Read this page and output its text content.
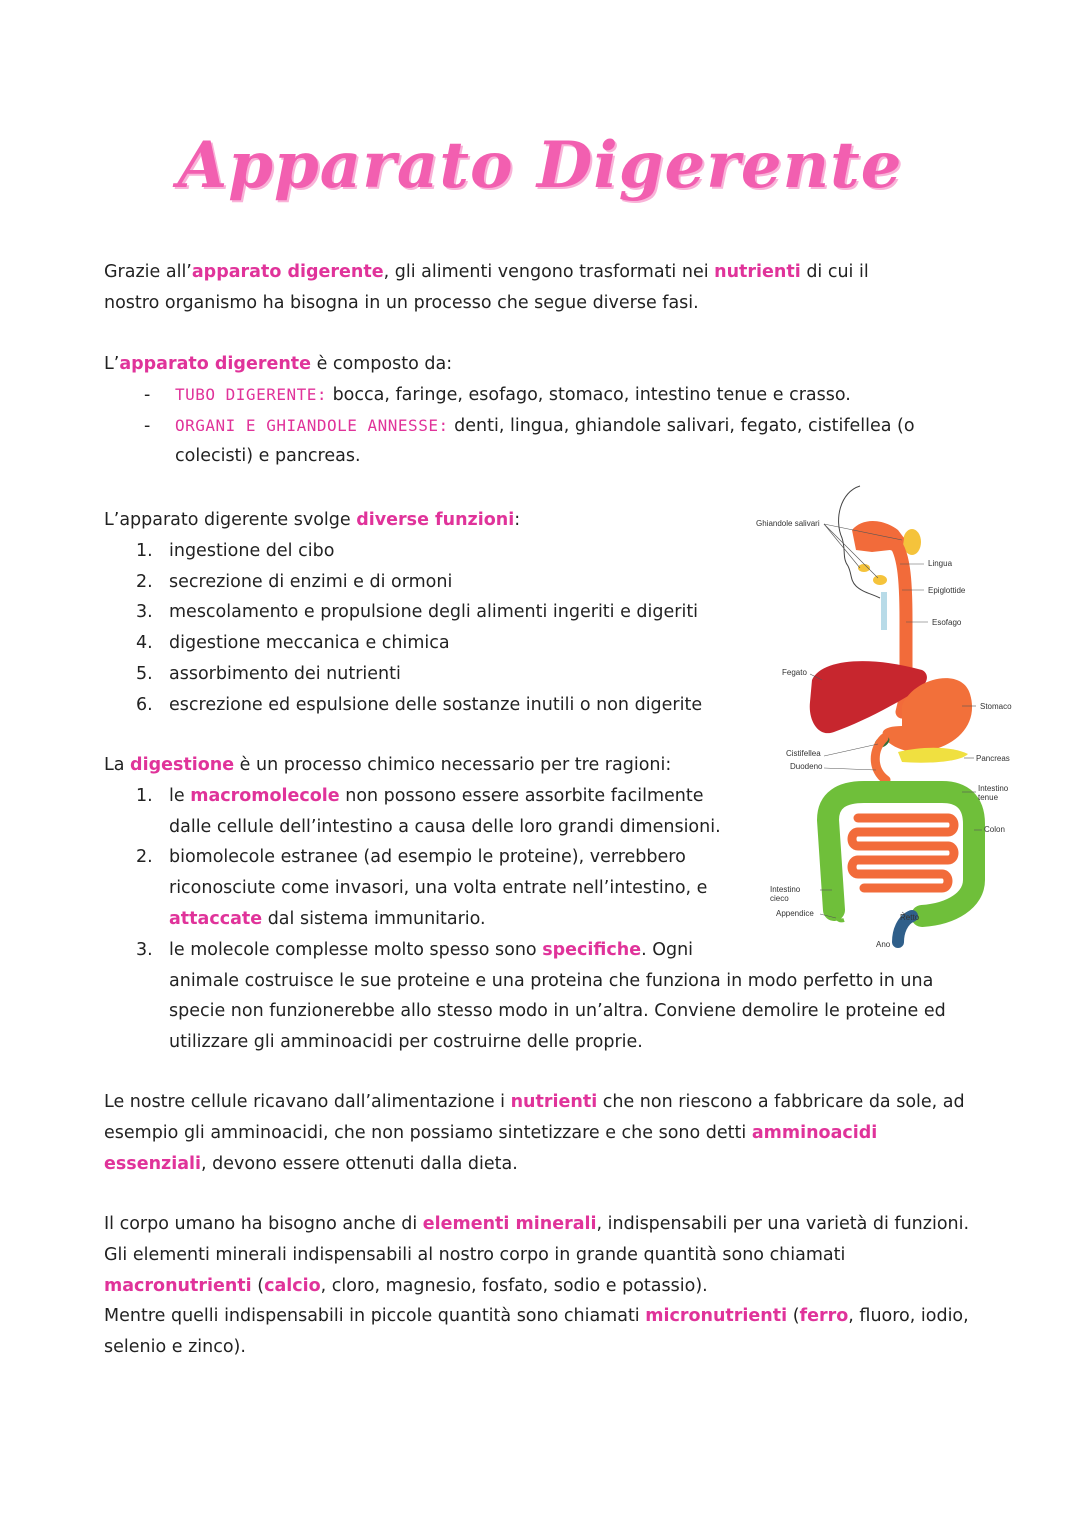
Apparato Digerente

Grazie all’apparato digerente, gli alimenti vengono trasformati nei nutrienti di cui il nostro organismo ha bisogna in un processo che segue diverse fasi.

L’apparato digerente è composto da:

- TUBO DIGERENTE: bocca, faringe, esofago, stomaco, intestino tenue e crasso.
- ORGANI E GHIANDOLE ANNESSE: denti, lingua, ghiandole salivari, fegato, cistifellea (o colecisti) e pancreas.

L’apparato digerente svolge diverse funzioni:

1. ingestione del cibo
2. secrezione di enzimi e di ormoni
3. mescolamento e propulsione degli alimenti ingeriti e digeriti
4. digestione meccanica e chimica
5. assorbimento dei nutrienti
6. escrezione ed espulsione delle sostanze inutili o non digerite

La digestione è un processo chimico necessario per tre ragioni:

1. le macromolecole non possono essere assorbite facilmente
dalle cellule dell’intestino a causa delle loro grandi dimensioni.
2. biomolecole estranee (ad esempio le proteine), verrebbero
riconosciute come invasori, una volta entrate nell’intestino, e
attaccate dal sistema immunitario.
3. le molecole complesse molto spesso sono specifiche. Ogni
animale costruisce le sue proteine e una proteina che funziona in modo perfetto in una specie non funzionerebbe allo stesso modo in un’altra. Conviene demolire le proteine ed utilizzare gli amminoacidi per costruirne delle proprie.

Le nostre cellule ricavano dall’alimentazione i nutrienti che non riescono a fabbricare da sole, ad esempio gli amminoacidi, che non possiamo sintetizzare e che sono detti amminoacidi essenziali, devono essere ottenuti dalla dieta.

Il corpo umano ha bisogno anche di elementi minerali, indispensabili per una varietà di funzioni. Gli elementi minerali indispensabili al nostro corpo in grande quantità sono chiamati macronutrienti (calcio, cloro, magnesio, fosfato, sodio e potassio).
Mentre quelli indispensabili in piccole quantità sono chiamati micronutrienti (ferro, fluoro, iodio, selenio e zinco).

Ghiandole salivari
Lingua
Epiglottide
Esofago
Fegato
Stomaco
Cistifellea
Duodeno
Pancreas
Intestino
tenue
Colon
Intestino
cieco
Appendice	Retto
Ano
